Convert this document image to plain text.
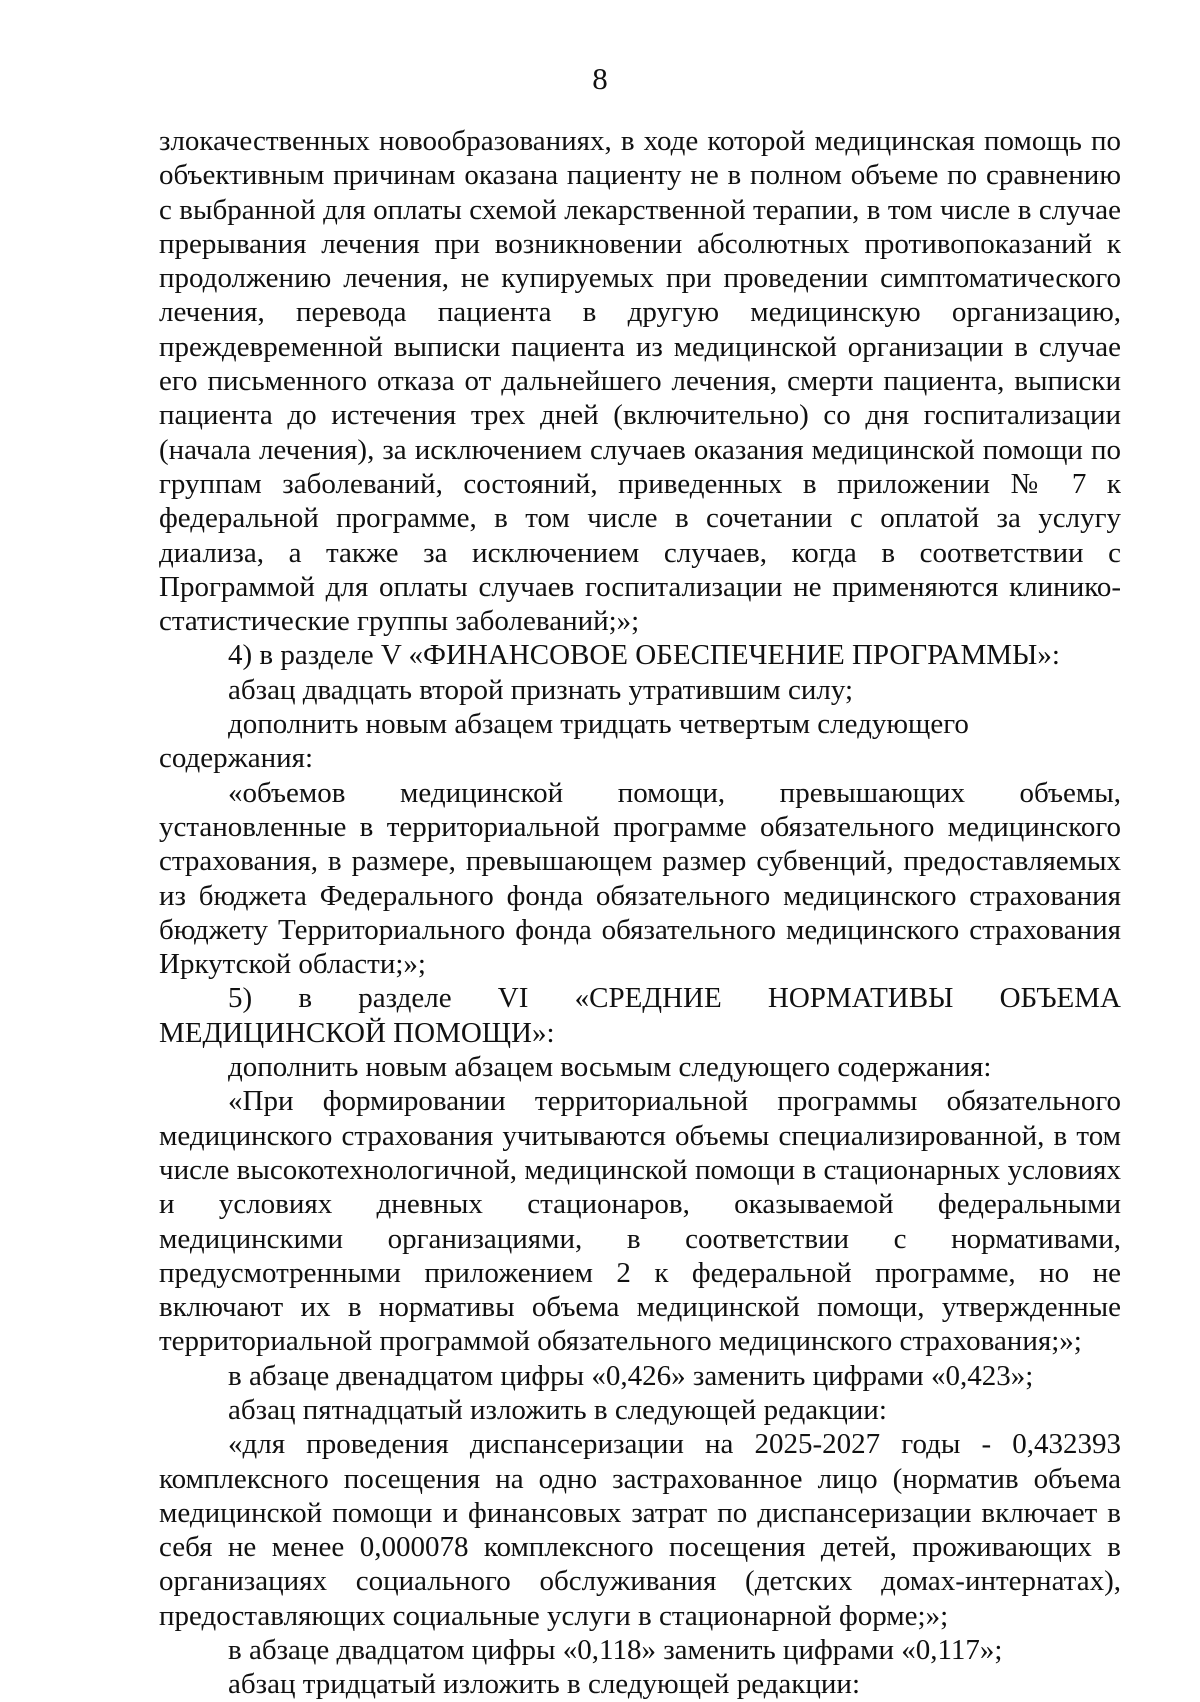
8

злокачественных новообразованиях, в ходе которой медицинская помощь по объективным причинам оказана пациенту не в полном объеме по сравнению с выбранной для оплаты схемой лекарственной терапии, в том числе в случае прерывания лечения при возникновении абсолютных противопоказаний к продолжению лечения, не купируемых при проведении симптоматического лечения, перевода пациента в другую медицинскую организацию, преждевременной выписки пациента из медицинской организации в случае его письменного отказа от дальнейшего лечения, смерти пациента, выписки пациента до истечения трех дней (включительно) со дня госпитализации (начала лечения), за исключением случаев оказания медицинской помощи по группам заболеваний, состояний, приведенных в приложении № 7 к федеральной программе, в том числе в сочетании с оплатой за услугу диализа, а также за исключением случаев, когда в соответствии с Программой для оплаты случаев госпитализации не применяются клинико-статистические группы заболеваний;»;

4) в разделе V «ФИНАНСОВОЕ ОБЕСПЕЧЕНИЕ ПРОГРАММЫ»:

абзац двадцать второй признать утратившим силу;

дополнить новым абзацем тридцать четвертым следующего содержания:

«объемов медицинской помощи, превышающих объемы, установленные в территориальной программе обязательного медицинского страхования, в размере, превышающем размер субвенций, предоставляемых из бюджета Федерального фонда обязательного медицинского страхования бюджету Территориального фонда обязательного медицинского страхования Иркутской области;»;

5) в разделе VI «СРЕДНИЕ НОРМАТИВЫ ОБЪЕМА МЕДИЦИНСКОЙ ПОМОЩИ»:

дополнить новым абзацем восьмым следующего содержания:

«При формировании территориальной программы обязательного медицинского страхования учитываются объемы специализированной, в том числе высокотехнологичной, медицинской помощи в стационарных условиях и условиях дневных стационаров, оказываемой федеральными медицинскими организациями, в соответствии с нормативами, предусмотренными приложением 2 к федеральной программе, но не включают их в нормативы объема медицинской помощи, утвержденные территориальной программой обязательного медицинского страхования;»;

в абзаце двенадцатом цифры «0,426» заменить цифрами «0,423»;

абзац пятнадцатый изложить в следующей редакции:

«для проведения диспансеризации на 2025-2027 годы - 0,432393 комплексного посещения на одно застрахованное лицо (норматив объема медицинской помощи и финансовых затрат по диспансеризации включает в себя не менее 0,000078 комплексного посещения детей, проживающих в организациях социального обслуживания (детских домах-интернатах), предоставляющих социальные услуги в стационарной форме;»;

в абзаце двадцатом цифры «0,118» заменить цифрами «0,117»;

абзац тридцатый изложить в следующей редакции:
